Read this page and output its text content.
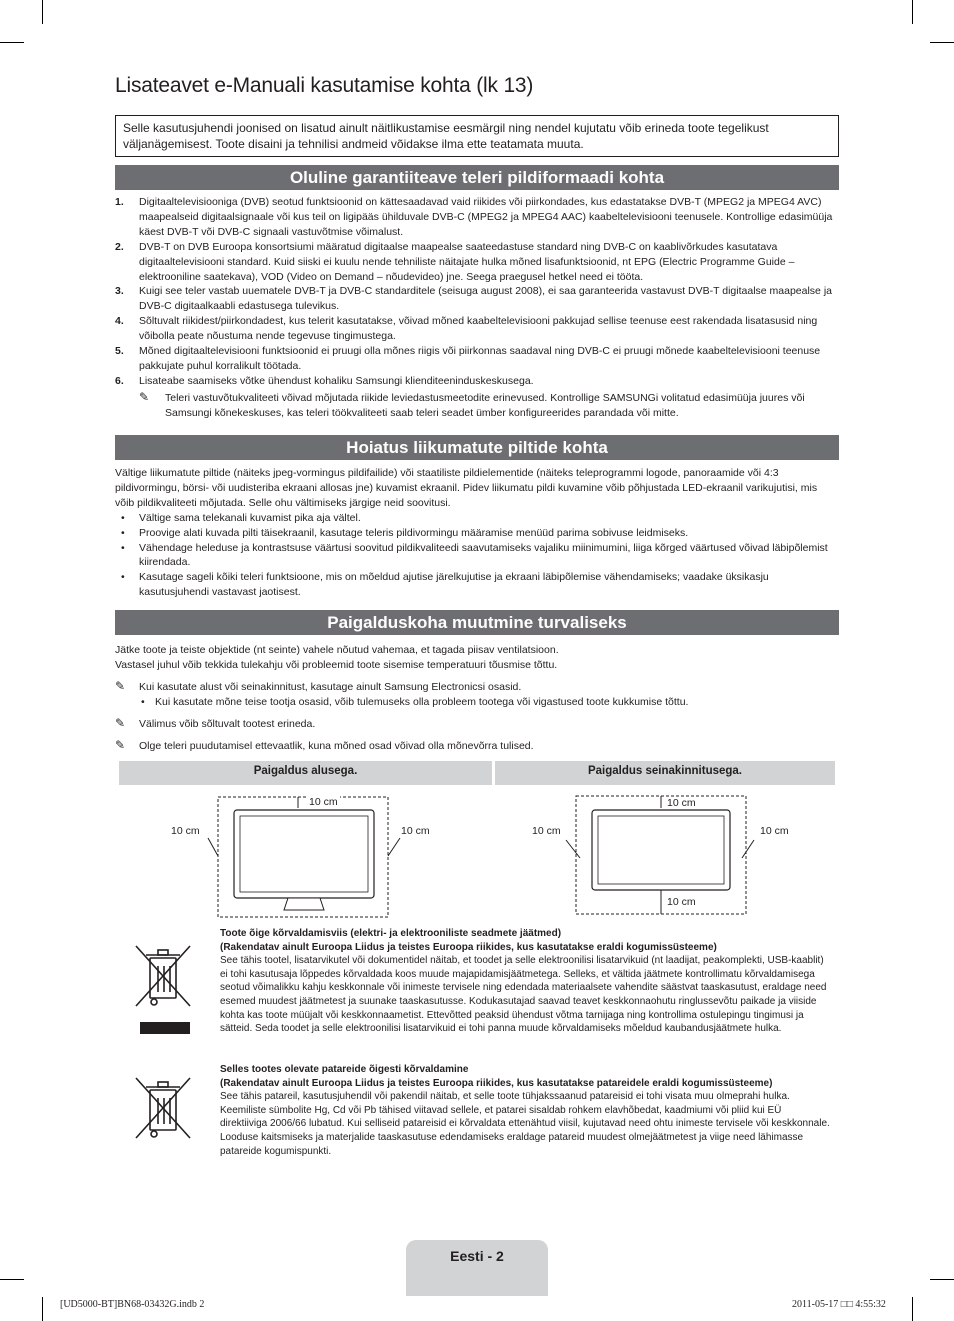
Lisateavet e-Manuali kasutamise kohta (lk 13)
Selle kasutusjuhendi joonised on lisatud ainult näitlikustamise eesmärgil ning nendel kujutatu võib erineda toote tegelikust väljanägemisest. Toote disaini ja tehnilisi andmeid võidakse ilma ette teatamata muuta.
Oluline garantiiteave teleri pildiformaadi kohta
1. Digitaaltelevisiooniga (DVB) seotud funktsioonid on kättesaadavad vaid riikides või piirkondades, kus edastatakse DVB-T (MPEG2 ja MPEG4 AVC) maapealseid digitaalsignaale või kus teil on ligipääs ühilduvale DVB-C (MPEG2 ja MPEG4 AAC) kaabeltelevisiooni teenusele. Kontrollige edasimüüja käest DVB-T või DVB-C signaali vastuvõtmise võimalust.
2. DVB-T on DVB Euroopa konsortsiumi määratud digitaalse maapealse saateedastuse standard ning DVB-C on kaablivõrkudes kasutatava digitaaltelevisiooni standard. Kuid siiski ei kuulu nende tehniliste näitajate hulka mõned lisafunktsioonid, nt EPG (Electric Programme Guide – elektrooniline saatekava), VOD (Video on Demand – nõudevideo) jne. Seega praegusel hetkel need ei tööta.
3. Kuigi see teler vastab uuematele DVB-T ja DVB-C standarditele (seisuga august 2008), ei saa garanteerida vastavust DVB-T digitaalse maapealse ja DVB-C digitaalkaabli edastusega tulevikus.
4. Sõltuvalt riikidest/piirkondadest, kus telerit kasutatakse, võivad mõned kaabeltelevisiooni pakkujad sellise teenuse eest rakendada lisatasusid ning võibolla peate nõustuma nende tegevuse tingimustega.
5. Mõned digitaaltelevisiooni funktsioonid ei pruugi olla mõnes riigis või piirkonnas saadaval ning DVB-C ei pruugi mõnede kaabeltelevisiooni teenuse pakkujate puhul korralikult töötada.
6. Lisateabe saamiseks võtke ühendust kohaliku Samsungi klienditeeninduskeskusega.
✎ Teleri vastuvõtukvaliteeti võivad mõjutada riikide leviedastusmeetodite erinevused. Kontrollige SAMSUNGi volitatud edasimüüja juures või Samsungi kõnekeskuses, kas teleri töökvaliteeti saab teleri seadet ümber konfigureerides parandada või mitte.
Hoiatus liikumatute piltide kohta
Vältige liikumatute piltide (näiteks jpeg-vormingus pildifailide) või staatiliste pildielementide (näiteks teleprogrammi logode, panoraamide või 4:3 pildivormingu, börsi- või uudisteriba ekraani allosas jne) kuvamist ekraanil. Pidev liikumatu pildi kuvamine võib põhjustada LED-ekraanil varikujutisi, mis võib pildikvaliteeti mõjutada. Selle ohu vältimiseks järgige neid soovitusi.
• Vältige sama telekanali kuvamist pika aja vältel.
• Proovige alati kuvada pilti täisekraanil, kasutage teleris pildivormingu määramise menüüd parima sobivuse leidmiseks.
• Vähendage heleduse ja kontrastsuse väärtusi soovitud pildikvaliteedi saavutamiseks vajaliku miinimumini, liiga kõrged väärtused võivad läbipõlemist kiirendada.
• Kasutage sageli kõiki teleri funktsioone, mis on mõeldud ajutise järelkujutise ja ekraani läbipõlemise vähendamiseks; vaadake üksikasju kasutusjuhendi vastavast jaotisest.
Paigalduskoha muutmine turvaliseks
Jätke toote ja teiste objektide (nt seinte) vahele nõutud vahemaa, et tagada piisav ventilatsioon.
Vastasel juhul võib tekkida tulekahju või probleemid toote sisemise temperatuuri tõusmise tõttu.
✎ Kui kasutate alust või seinakinnitust, kasutage ainult Samsung Electronicsi osasid.
• Kui kasutate mõne teise tootja osasid, võib tulemuseks olla probleem tootega või vigastused toote kukkumise tõttu.
✎ Välimus võib sõltuvalt tootest erineda.
✎ Olge teleri puudutamisel ettevaatlik, kuna mõned osad võivad olla mõnevõrra tulised.
Paigaldus alusega.	Paigaldus seinakinnitusega.
10 cm
10 cm	10 cm
10 cm
10 cm	10 cm
10 cm
Toote õige kõrvaldamisviis (elektri- ja elektrooniliste seadmete jäätmed)
(Rakendatav ainult Euroopa Liidus ja teistes Euroopa riikides, kus kasutatakse eraldi kogumissüsteeme)
See tähis tootel, lisatarvikutel või dokumentidel näitab, et toodet ja selle elektroonilisi lisatarvikuid (nt laadijat, peakomplekti, USB-kaablit) ei tohi kasutusaja lõppedes kõrvaldada koos muude majapidamisjäätmetega. Selleks, et vältida jäätmete kontrollimatu kõrvaldamisega seotud võimalikku kahju keskkonnale või inimeste tervisele ning edendada materiaalsete vahendite säästvat taaskasutust, eraldage need esemed muudest jäätmetest ja suunake taaskasutusse. Kodukasutajad saavad teavet keskkonnaohutu ringlussevõtu paikade ja viiside kohta kas toote müüjalt või keskkonnaametist. Ettevõtted peaksid ühendust võtma tarnijaga ning kontrollima ostulepingu tingimusi ja sätteid. Seda toodet ja selle elektroonilisi lisatarvikuid ei tohi panna muude kõrvaldamiseks mõeldud kaubandusjäätmete hulka.
Selles tootes olevate patareide õigesti kõrvaldamine
(Rakendatav ainult Euroopa Liidus ja teistes Euroopa riikides, kus kasutatakse patareidele eraldi kogumissüsteeme)
See tähis patareil, kasutusjuhendil või pakendil näitab, et selle toote tühjakssaanud patareisid ei tohi visata muu olmeprahi hulka. Keemiliste sümbolite Hg, Cd või Pb tähised viitavad sellele, et patarei sisaldab rohkem elavhõbedat, kaadmiumi või pliid kui EÜ direktiiviga 2006/66 lubatud. Kui selliseid patareisid ei kõrvaldata ettenähtud viisil, kujutavad need ohtu inimeste tervisele või keskkonnale. Looduse kaitsmiseks ja materjalide taaskasutuse edendamiseks eraldage patareid muudest olmejäätmetest ja viige need lähimasse patareide kogumispunkti.
Eesti - 2
[UD5000-BT]BN68-03432G.indb 2	2011-05-17 □□ 4:55:32
